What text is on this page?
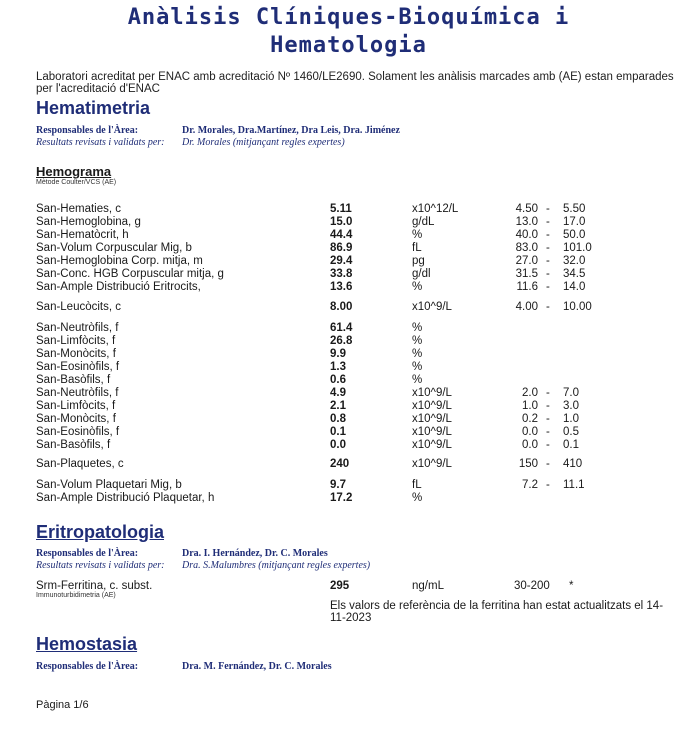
Anàlisis Clíniques-Bioquímica i
Hematologia
Laboratori acreditat per ENAC amb acreditació Nº 1460/LE2690. Solament les anàlisis marcades amb (AE) estan emparades per l'acreditació d'ENAC
Hematimetria
Responsables de l'Àrea:	Dr. Morales, Dra.Martínez, Dra Leis, Dra. Jiménez
Resultats revisats i validats per:	Dr. Morales (mitjançant regles expertes)
Hemograma
Mètode Coulter/VCS (AE)
San-Hematies, c	5.11	x10^12/L	4.50 - 5.50
San-Hemoglobina, g	15.0	g/dL	13.0 - 17.0
San-Hematòcrit, h	44.4	%	40.0 - 50.0
San-Volum Corpuscular Mig, b	86.9	fL	83.0 - 101.0
San-Hemoglobina Corp. mitja, m	29.4	pg	27.0 - 32.0
San-Conc. HGB Corpuscular mitja, g	33.8	g/dl	31.5 - 34.5
San-Ample Distribució Eritrocits,	13.6	%	11.6 - 14.0
San-Leucòcits, c	8.00	x10^9/L	4.00 - 10.00
San-Neutròfils, f	61.4	%
San-Limfòcits, f	26.8	%
San-Monòcits, f	9.9	%
San-Eosinòfils, f	1.3	%
San-Basòfils, f	0.6	%
San-Neutròfils, f	4.9	x10^9/L	2.0 - 7.0
San-Limfòcits, f	2.1	x10^9/L	1.0 - 3.0
San-Monòcits, f	0.8	x10^9/L	0.2 - 1.0
San-Eosinòfils, f	0.1	x10^9/L	0.0 - 0.5
San-Basòfils, f	0.0	x10^9/L	0.0 - 0.1
San-Plaquetes, c	240	x10^9/L	150 - 410
San-Volum Plaquetari Mig, b	9.7	fL	7.2 - 11.1
San-Ample Distribució Plaquetar, h	17.2	%
Eritropatologia
Responsables de l'Àrea:	Dra. I. Hernández, Dr. C. Morales
Resultats revisats i validats per:	Dra. S.Malumbres (mitjançant regles expertes)
Srm-Ferritina, c. subst.	295	ng/mL	30-200 *
Immunoturbidimetria (AE)
Els valors de referència de la ferritina han estat actualitzats el 14-11-2023
Hemostasia
Responsables de l'Àrea:	Dra. M. Fernández, Dr. C. Morales
Pàgina 1/6
